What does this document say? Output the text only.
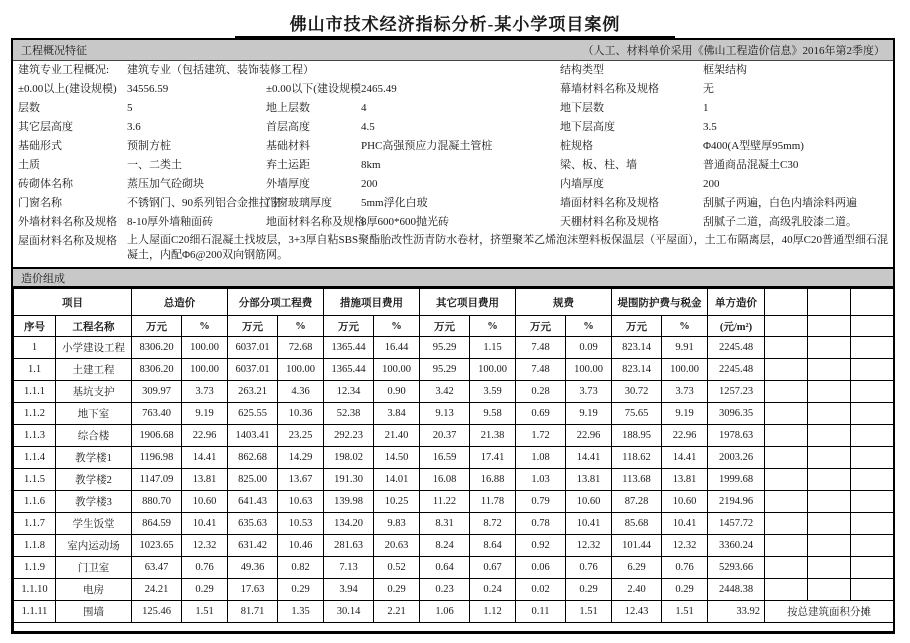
佛山市技术经济指标分析-某小学项目案例
工程概况特征	（人工、材料单价采用《佛山工程造价信息》2016年第2季度）
建筑专业工程概况:	建筑专业（包括建筑、装饰装修工程）			结构类型	框架结构
±0.00以上(建设规模)	34556.59	±0.00以下(建设规模	2465.49	幕墙材料名称及规格	无
层数	5	地上层数	4	地下层数	1
其它层高度	3.6	首层高度	4.5	地下层高度	3.5
基础形式	预制方桩	基础材料	PHC高强预应力混凝土管桩	桩规格	Φ400(A型壁厚95mm)
土质	一、二类土	弃土运距	8km	梁、板、柱、墙	普通商品混凝土C30
砖砌体名称	蒸压加气砼砌块	外墙厚度	200	内墙厚度	200
门窗名称	不锈钢门、90系列铝合金推拉窗	门窗玻璃厚度	5mm浮化白玻	墙面材料名称及规格	刮腻子两遍，白色内墙涂料两遍
外墙材料名称及规格	8-10厚外墙釉面砖	地面材料名称及规格	8厚600*600抛光砖	天棚材料名称及规格	刮腻子二道，高级乳胶漆二道。
屋面材料名称及规格	上人屋面C20细石混凝土找坡层，3+3厚自粘SBS聚酯胎改性沥青防水卷材，挤塑聚苯乙烯泡沫塑料板保温层（平屋面），土工布隔离层，40厚C20普通型细石混凝土，内配Φ6@200双向钢筋网。				
造价组成
项目		总造价		分部分项工程费		措施项目费用		其它项目费用		规费		堤围防护费与税金		单方造价			
序号	工程名称	万元	%	万元	%	万元	%	万元	%	万元	%	万元	%	(元/m²)			
1	小学建设工程	8306.20	100.00	6037.01	72.68	1365.44	16.44	95.29	1.15	7.48	0.09	823.14	9.91	2245.48			
1.1	土建工程	8306.20	100.00	6037.01	100.00	1365.44	100.00	95.29	100.00	7.48	100.00	823.14	100.00	2245.48			
1.1.1	基坑支护	309.97	3.73	263.21	4.36	12.34	0.90	3.42	3.59	0.28	3.73	30.72	3.73	1257.23			
1.1.2	地下室	763.40	9.19	625.55	10.36	52.38	3.84	9.13	9.58	0.69	9.19	75.65	9.19	3096.35			
1.1.3	综合楼	1906.68	22.96	1403.41	23.25	292.23	21.40	20.37	21.38	1.72	22.96	188.95	22.96	1978.63			
1.1.4	教学楼1	1196.98	14.41	862.68	14.29	198.02	14.50	16.59	17.41	1.08	14.41	118.62	14.41	2003.26			
1.1.5	教学楼2	1147.09	13.81	825.00	13.67	191.30	14.01	16.08	16.88	1.03	13.81	113.68	13.81	1999.68			
1.1.6	教学楼3	880.70	10.60	641.43	10.63	139.98	10.25	11.22	11.78	0.79	10.60	87.28	10.60	2194.96			
1.1.7	学生饭堂	864.59	10.41	635.63	10.53	134.20	9.83	8.31	8.72	0.78	10.41	85.68	10.41	1457.72			
1.1.8	室内运动场	1023.65	12.32	631.42	10.46	281.63	20.63	8.24	8.64	0.92	12.32	101.44	12.32	3360.24			
1.1.9	门卫室	63.47	0.76	49.36	0.82	7.13	0.52	0.64	0.67	0.06	0.76	6.29	0.76	5293.66			
1.1.10	电房	24.21	0.29	17.63	0.29	3.94	0.29	0.23	0.24	0.02	0.29	2.40	0.29	2448.38			
1.1.11	围墙	125.46	1.51	81.71	1.35	30.14	2.21	1.06	1.12	0.11	1.51	12.43	1.51	33.92	按总建筑面积分摊		
